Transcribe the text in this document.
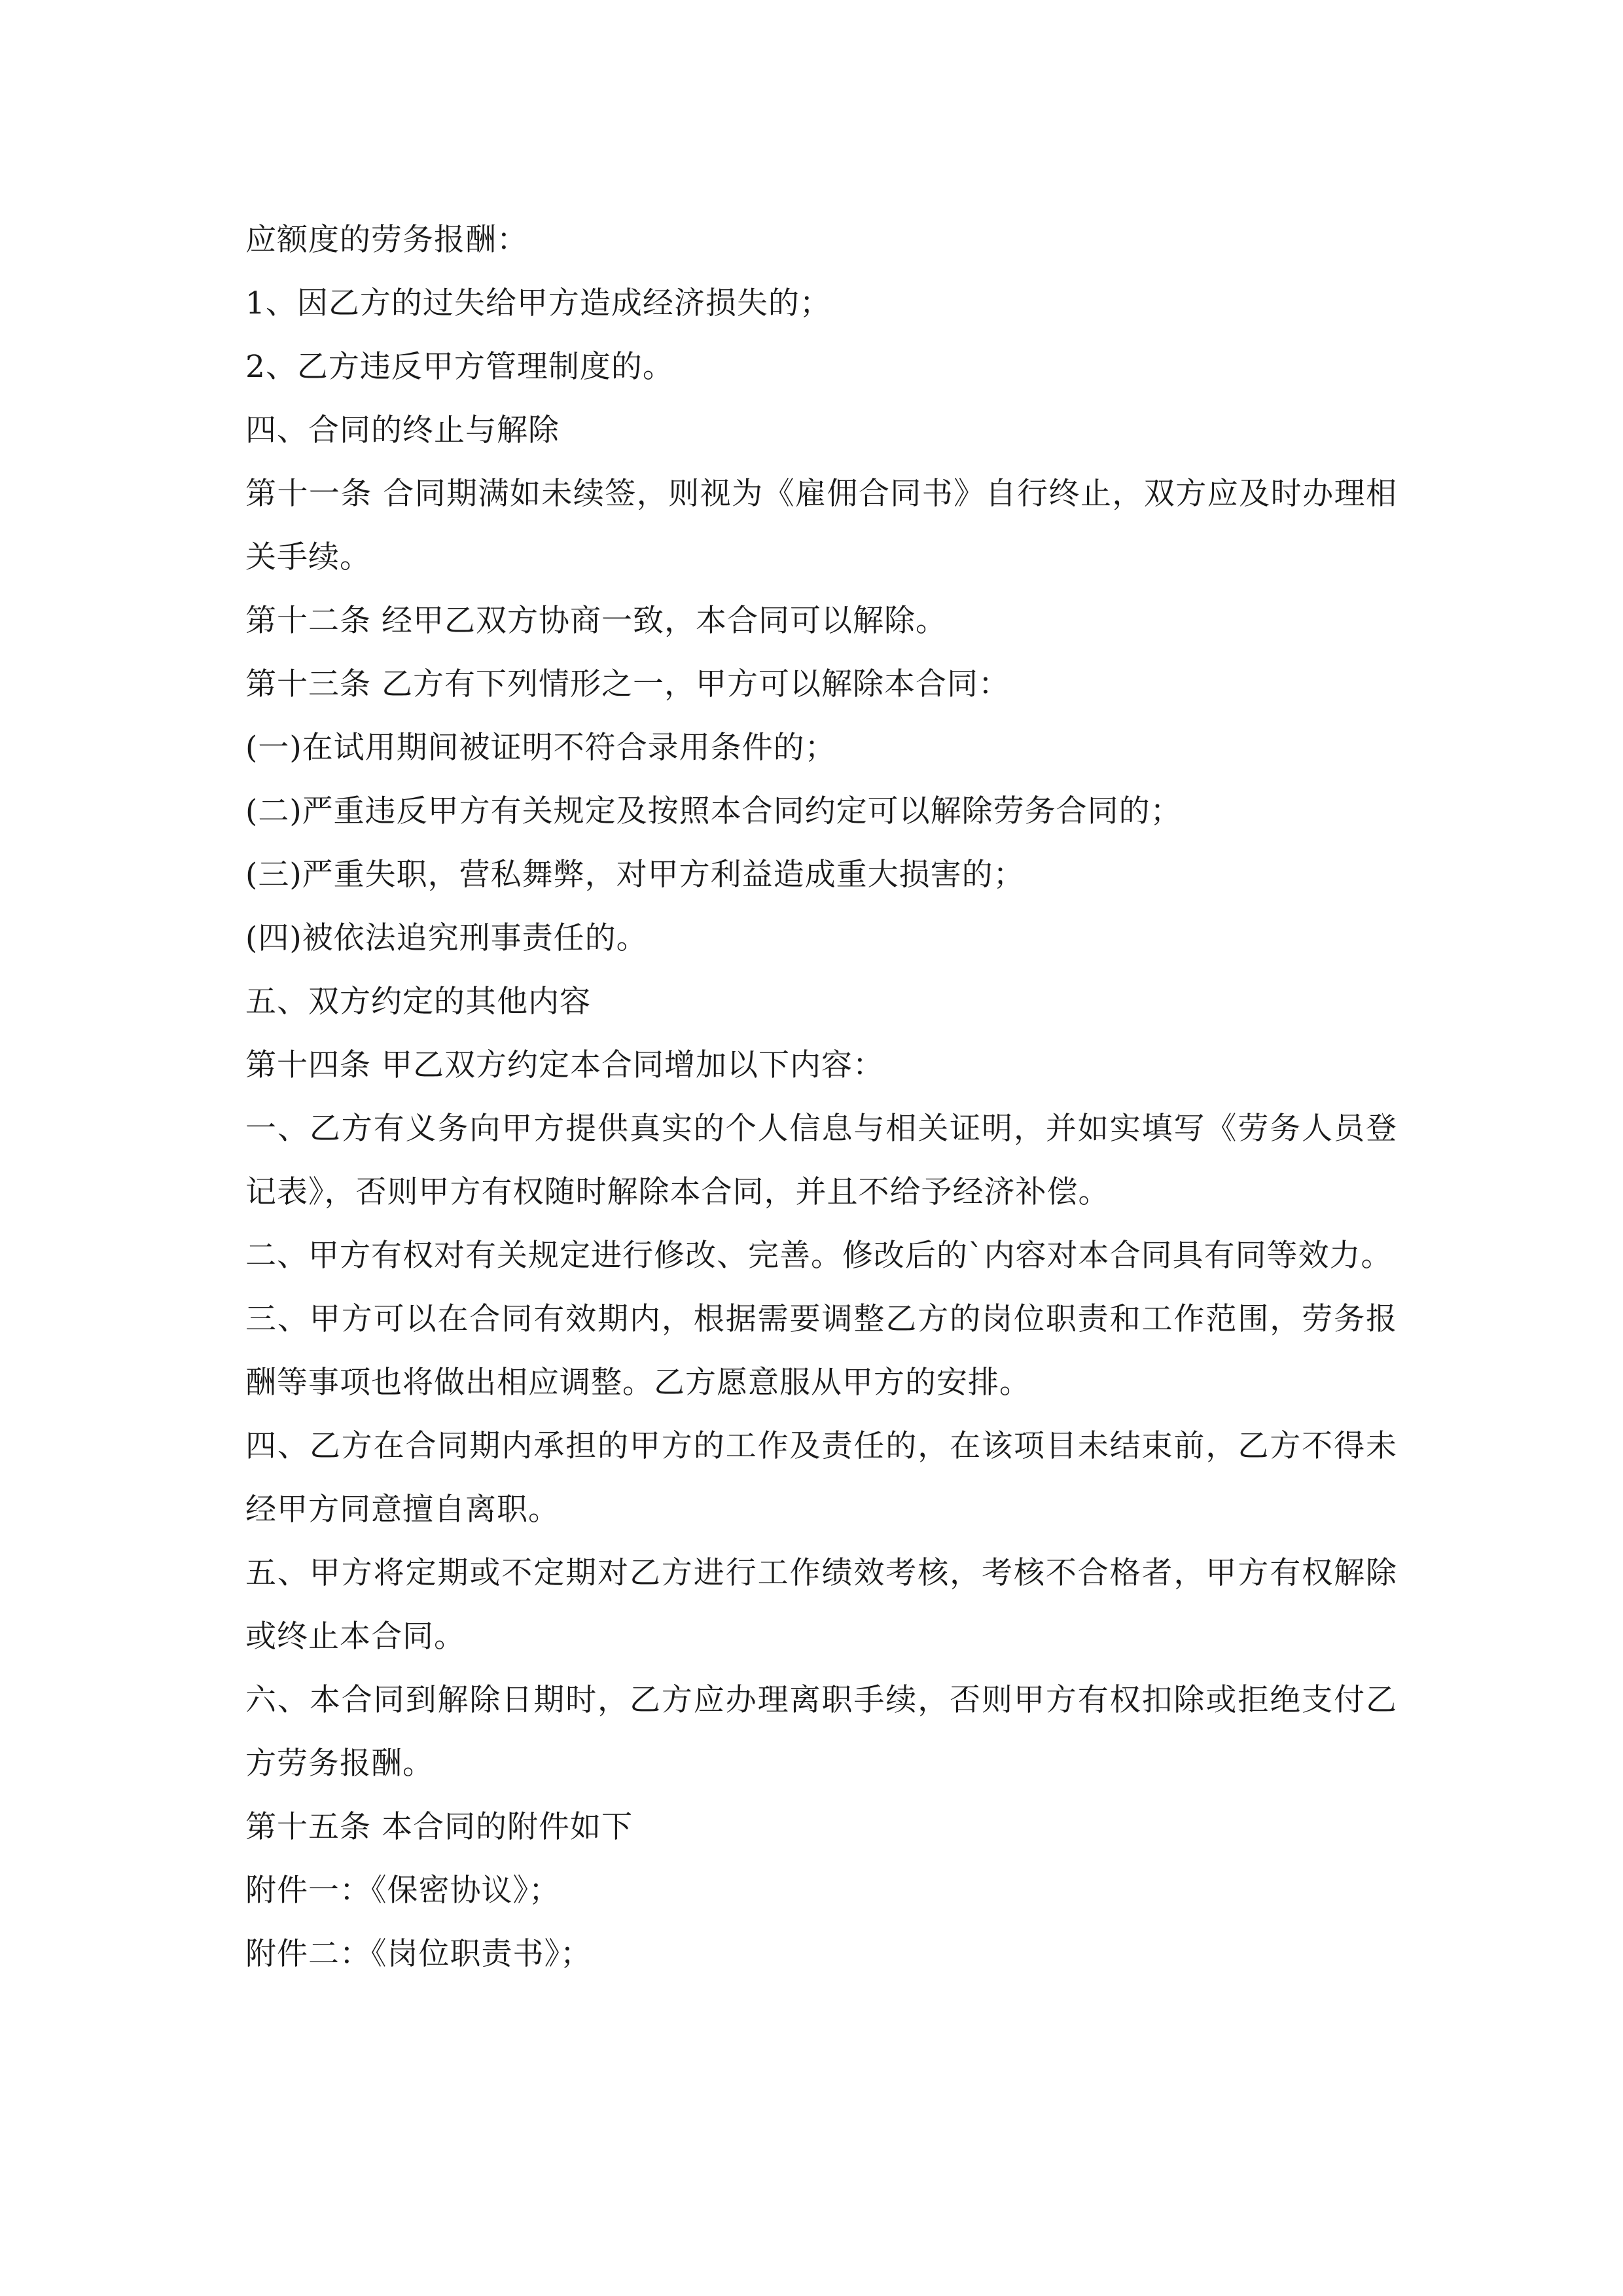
应额度的劳务报酬：

1、因乙方的过失给甲方造成经济损失的；

2、乙方违反甲方管理制度的。

四、合同的终止与解除

第十一条 合同期满如未续签，则视为《雇佣合同书》自行终止，双方应及时办理相关手续。

第十二条 经甲乙双方协商一致，本合同可以解除。

第十三条 乙方有下列情形之一，甲方可以解除本合同：

(一)在试用期间被证明不符合录用条件的；

(二)严重违反甲方有关规定及按照本合同约定可以解除劳务合同的；

(三)严重失职，营私舞弊，对甲方利益造成重大损害的；

(四)被依法追究刑事责任的。

五、双方约定的其他内容

第十四条 甲乙双方约定本合同增加以下内容：

一、乙方有义务向甲方提供真实的个人信息与相关证明，并如实填写《劳务人员登记表》，否则甲方有权随时解除本合同，并且不给予经济补偿。

二、甲方有权对有关规定进行修改、完善。修改后的`内容对本合同具有同等效力。

三、甲方可以在合同有效期内，根据需要调整乙方的岗位职责和工作范围，劳务报酬等事项也将做出相应调整。乙方愿意服从甲方的安排。

四、乙方在合同期内承担的甲方的工作及责任的，在该项目未结束前，乙方不得未经甲方同意擅自离职。

五、甲方将定期或不定期对乙方进行工作绩效考核，考核不合格者，甲方有权解除或终止本合同。

六、本合同到解除日期时，乙方应办理离职手续，否则甲方有权扣除或拒绝支付乙方劳务报酬。

第十五条 本合同的附件如下

附件一：《保密协议》；

附件二：《岗位职责书》；
